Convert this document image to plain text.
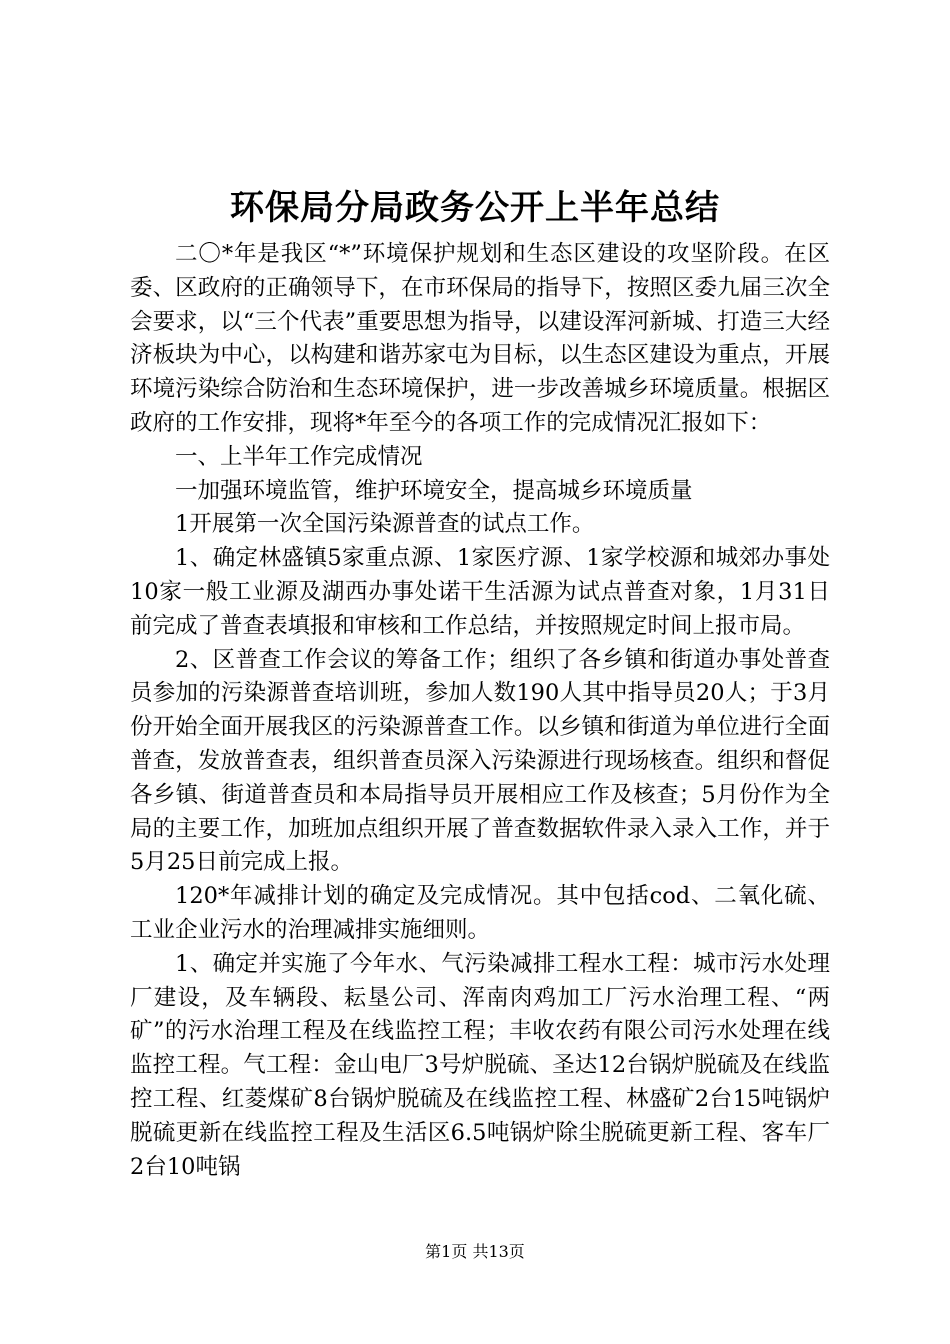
环保局分局政务公开上半年总结

二〇*年是我区“*”环境保护规划和生态区建设的攻坚阶段。在区委、区政府的正确领导下，在市环保局的指导下，按照区委九届三次全会要求，以“三个代表”重要思想为指导，以建设浑河新城、打造三大经济板块为中心，以构建和谐苏家屯为目标，以生态区建设为重点，开展环境污染综合防治和生态环境保护，进一步改善城乡环境质量。根据区政府的工作安排，现将*年至今的各项工作的完成情况汇报如下：

一、上半年工作完成情况

一加强环境监管，维护环境安全，提高城乡环境质量

1开展第一次全国污染源普查的试点工作。

1、确定林盛镇5家重点源、1家医疗源、1家学校源和城郊办事处10家一般工业源及湖西办事处诺干生活源为试点普查对象，1月31日前完成了普查表填报和审核和工作总结，并按照规定时间上报市局。

2、区普查工作会议的筹备工作；组织了各乡镇和街道办事处普查员参加的污染源普查培训班，参加人数190人其中指导员20人；于3月份开始全面开展我区的污染源普查工作。以乡镇和街道为单位进行全面普查，发放普查表，组织普查员深入污染源进行现场核查。组织和督促各乡镇、街道普查员和本局指导员开展相应工作及核查；5月份作为全局的主要工作，加班加点组织开展了普查数据软件录入录入工作，并于5月25日前完成上报。

120*年减排计划的确定及完成情况。其中包括cod、二氧化硫、工业企业污水的治理减排实施细则。

1、确定并实施了今年水、气污染减排工程水工程：城市污水处理厂建设，及车辆段、耘垦公司、浑南肉鸡加工厂污水治理工程、“两矿”的污水治理工程及在线监控工程；丰收农药有限公司污水处理在线监控工程。气工程：金山电厂3号炉脱硫、圣达12台锅炉脱硫及在线监控工程、红菱煤矿8台锅炉脱硫及在线监控工程、林盛矿2台15吨锅炉脱硫更新在线监控工程及生活区6.5吨锅炉除尘脱硫更新工程、客车厂2台10吨锅

第1页 共13页
